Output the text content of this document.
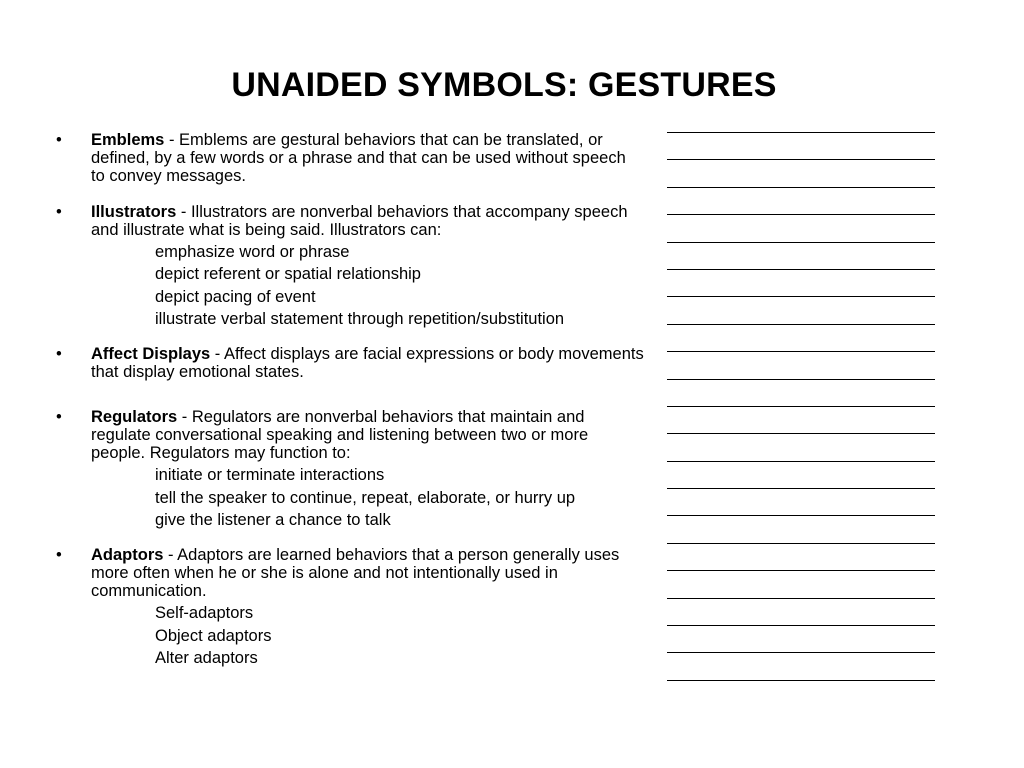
UNAIDED SYMBOLS: GESTURES
• Emblems - Emblems are gestural behaviors that can be translated, or defined, by a few words or a phrase and that can be used without speech to convey messages.
• Illustrators - Illustrators are nonverbal behaviors that accompany speech and illustrate what is being said. Illustrators can:
emphasize word or phrase
depict referent or spatial relationship
depict pacing of event
illustrate verbal statement through repetition/substitution
• Affect Displays - Affect displays are facial expressions or body movements that display emotional states.
• Regulators - Regulators are nonverbal behaviors that maintain and regulate conversational speaking and listening between two or more people. Regulators may function to:
initiate or terminate interactions
tell the speaker to continue, repeat, elaborate, or hurry up
give the listener a chance to talk
• Adaptors - Adaptors are learned behaviors that a person generally uses more often when he or she is alone and not intentionally used in communication.
Self-adaptors
Object adaptors
Alter adaptors
